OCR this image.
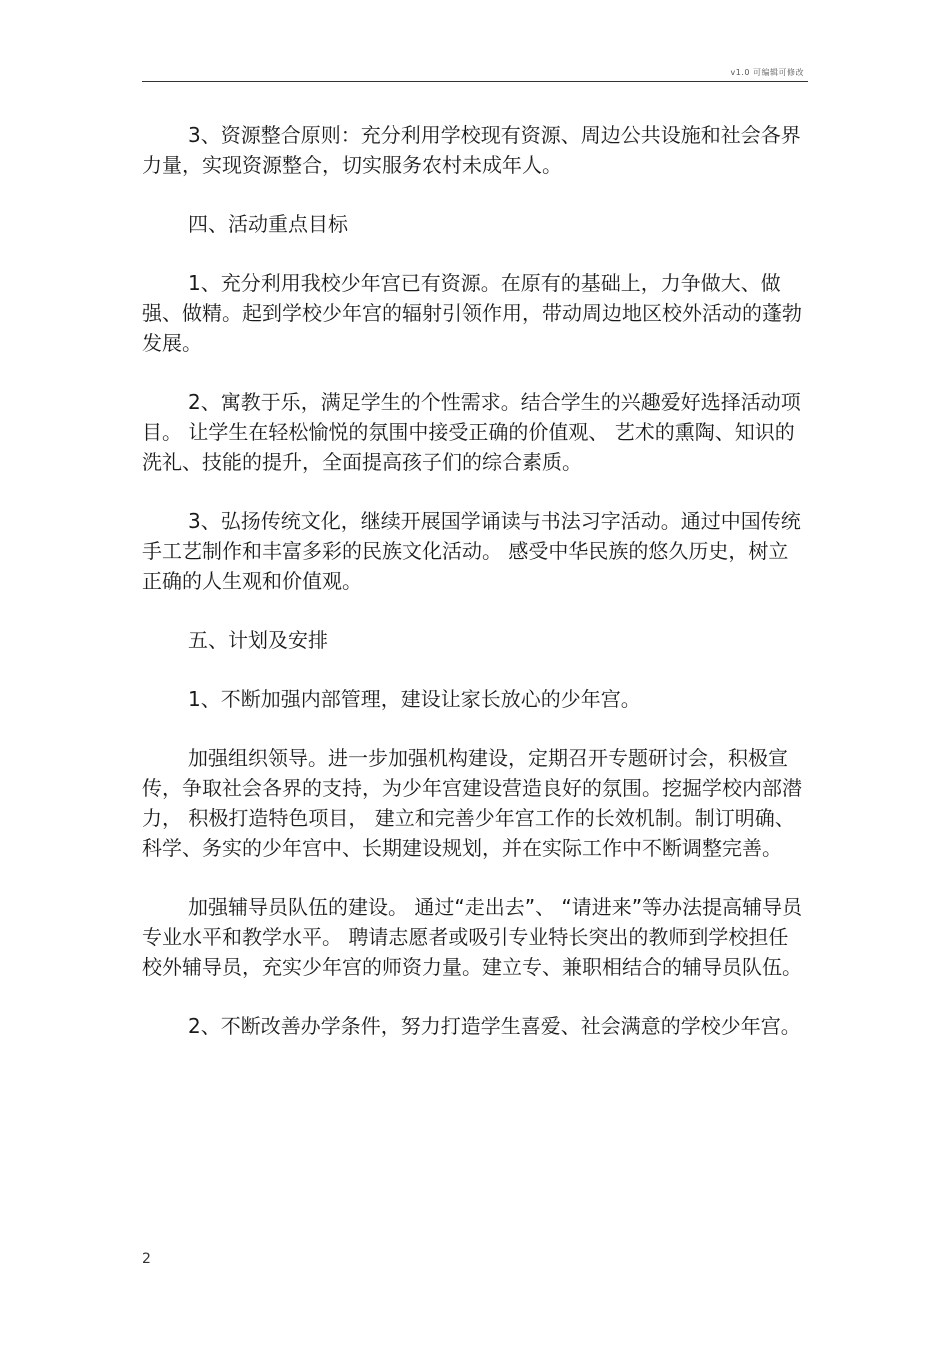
v1.0 可编辑可修改

3、资源整合原则：充分利用学校现有资源、周边公共设施和社会各界力量，实现资源整合，切实服务农村未成年人。

四、活动重点目标

1、充分利用我校少年宫已有资源。在原有的基础上，力争做大、做强、做精。起到学校少年宫的辐射引领作用，带动周边地区校外活动的蓬勃发展。

2、寓教于乐，满足学生的个性需求。结合学生的兴趣爱好选择活动项目。 让学生在轻松愉悦的氛围中接受正确的价值观、 艺术的熏陶、知识的洗礼、技能的提升，全面提高孩子们的综合素质。

3、弘扬传统文化，继续开展国学诵读与书法习字活动。通过中国传统手工艺制作和丰富多彩的民族文化活动。 感受中华民族的悠久历史，树立正确的人生观和价值观。

五、计划及安排

1、不断加强内部管理，建设让家长放心的少年宫。

加强组织领导。进一步加强机构建设，定期召开专题研讨会，积极宣传，争取社会各界的支持，为少年宫建设营造良好的氛围。挖掘学校内部潜力， 积极打造特色项目， 建立和完善少年宫工作的长效机制。制订明确、科学、务实的少年宫中、长期建设规划，并在实际工作中不断调整完善。

加强辅导员队伍的建设。 通过“走出去”、 “请进来”等办法提高辅导员专业水平和教学水平。 聘请志愿者或吸引专业特长突出的教师到学校担任校外辅导员，充实少年宫的师资力量。建立专、兼职相结合的辅导员队伍。

2、不断改善办学条件，努力打造学生喜爱、社会满意的学校少年宫。

2
